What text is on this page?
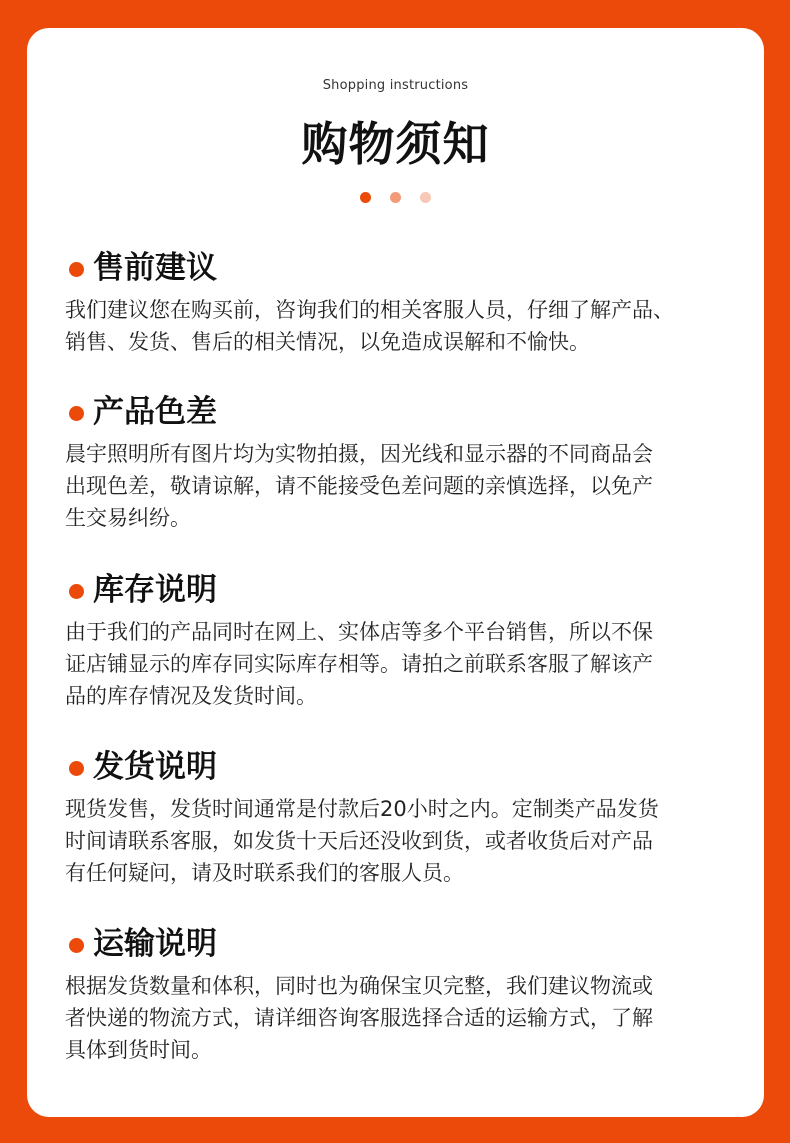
Shopping instructions
购物须知

售前建议
我们建议您在购买前，咨询我们的相关客服人员，仔细了解产品、
销售、发货、售后的相关情况，以免造成误解和不愉快。
产品色差
晨宇照明所有图片均为实物拍摄，因光线和显示器的不同商品会
出现色差，敬请谅解，请不能接受色差问题的亲慎选择，以免产
生交易纠纷。
库存说明
由于我们的产品同时在网上、实体店等多个平台销售，所以不保
证店铺显示的库存同实际库存相等。请拍之前联系客服了解该产
品的库存情况及发货时间。
发货说明
现货发售，发货时间通常是付款后20小时之内。定制类产品发货
时间请联系客服，如发货十天后还没收到货，或者收货后对产品
有任何疑问，请及时联系我们的客服人员。
运输说明
根据发货数量和体积，同时也为确保宝贝完整，我们建议物流或
者快递的物流方式，请详细咨询客服选择合适的运输方式，了解
具体到货时间。
